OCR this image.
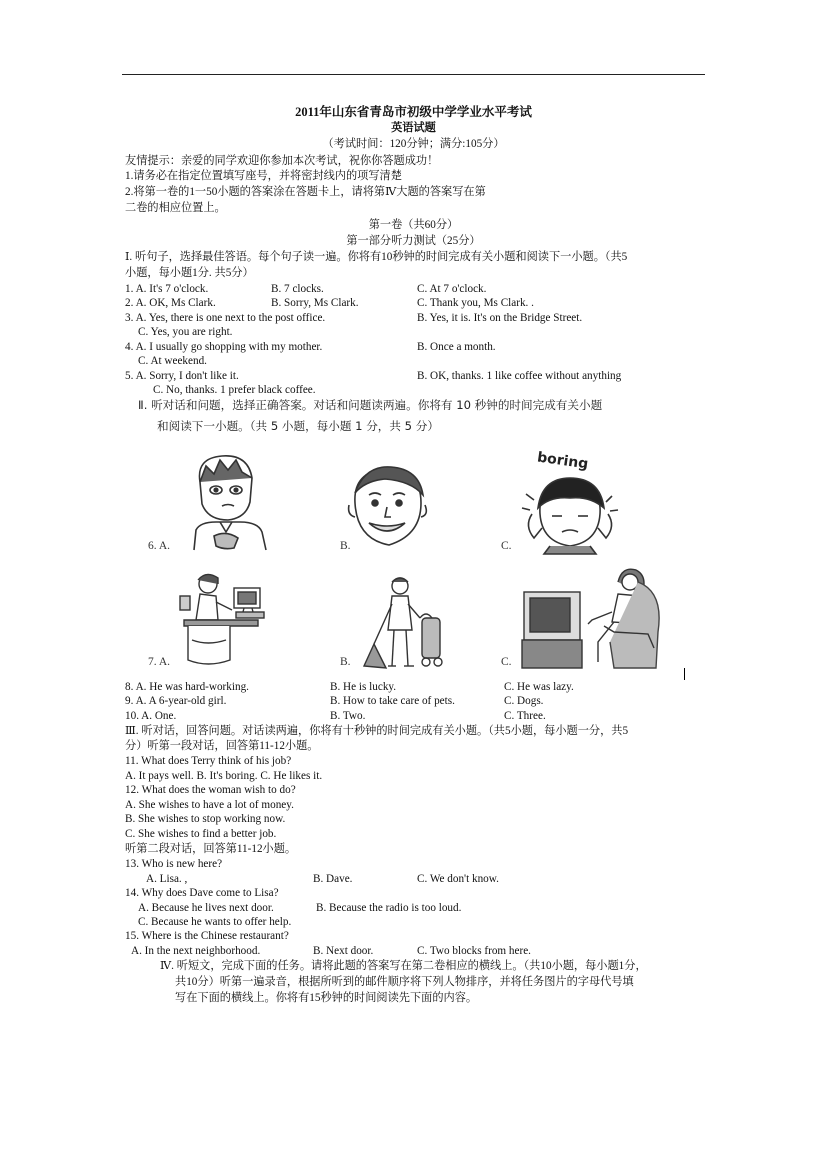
2011年山东省青岛市初级中学学业水平考试
英语试题
（考试时间：120分钟；满分:105分）
友情提示：亲爱的同学欢迎你参加本次考试，祝你你答题成功！
1.请务必在指定位置填写座号，并将密封线内的项写清楚
2.将第一卷的1一50小题的答案涂在答题卡上，请将第Ⅳ大题的答案写在第
二卷的相应位置上。
第一卷（共60分）
第一部分听力测试（25分）
Ⅰ. 听句子，选择最佳答语。每个句子读一遍。你将有10秒钟的时间完成有关小题和阅读下一小题。（共5
小题，每小题1分. 共5分）
1. A. It's 7 o'clock.	B. 7 clocks.	C. At 7 o'clock.
2. A. OK, Ms Clark.	B. Sorry, Ms Clark.	C. Thank you, Ms Clark. .
3. A. Yes, there is one next to the post office.	B. Yes, it is. It's on the Bridge Street.
C. Yes, you are right.
4. A. I usually go shopping with my mother.	B. Once a month.
C. At weekend.
5. A. Sorry, I don't like it.	B. OK, thanks. 1 like coffee without anything
C. No, thanks. 1 prefer black coffee.
Ⅱ. 听对话和问题，选择正确答案。对话和问题读两遍。你将有 10 秒钟的时间完成有关小题
和阅读下一小题。（共 5 小题，每小题 1 分，共 5 分）
boring
6. A.	B.	C.
7. A.	B.	C.
8. A. He was hard-working.	B. He is lucky.	C. He was lazy.
9. A. A 6-year-old girl.	B. How to take care of pets.	C. Dogs.
10. A. One.	B. Two.	C. Three.
Ⅲ. 听对话，回答问题。对话读两遍，你将有十秒钟的时间完成有关小题。（共5小题，每小题一分，共5
分）听第一段对话，回答第11-12小题。
11. What does Terry think of his job?
A. It pays well. B. It's boring. C. He likes it.
12. What does the woman wish to do?
A. She wishes to have a lot of money.
B. She wishes to stop working now.
C. She wishes to find a better job.
听第二段对话，回答第11-12小题。
13. Who is new here?
A. Lisa. ,	B. Dave.	C. We don't know.
14. Why does Dave come to Lisa?
A. Because he lives next door.	B. Because the radio is too loud.
C. Because he wants to offer help.
15. Where is the Chinese restaurant?
A. In the next neighborhood.	B. Next door.	C. Two blocks from here.
Ⅳ. 听短文，完成下面的任务。请将此题的答案写在第二卷相应的横线上。（共10小题，每小题1分，
共10分）听第一遍录音，根据所听到的邮件顺序将下列人物排序，并将任务图片的字母代号填
写在下面的横线上。你将有15秒钟的时间阅读先下面的内容。
